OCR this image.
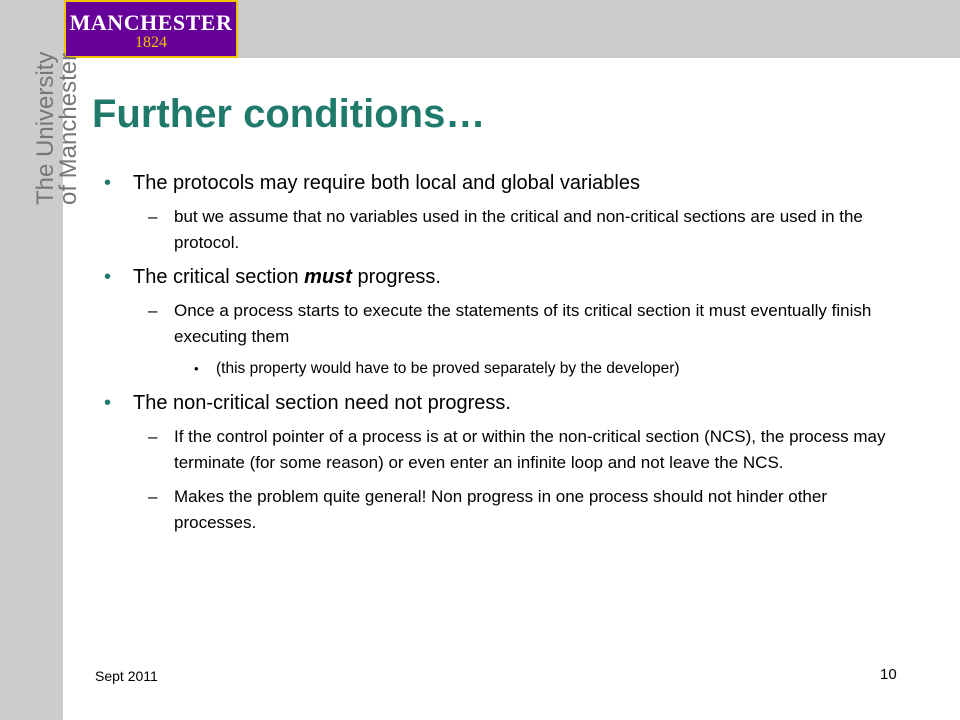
MANCHESTER
1824
The University
of Manchester Further conditions…
• The protocols may require both local and global variables
– but we assume that no variables used in the critical and non-critical sections are used in the protocol.
• The critical section must progress.
– Once a process starts to execute the statements of its critical section it must eventually finish executing them
• (this property would have to be proved separately by the developer)
• The non-critical section need not progress.
– If the control pointer of a process is at or within the non-critical section (NCS), the process may terminate (for some reason) or even enter an infinite loop and not leave the NCS.
– Makes the problem quite general! Non progress in one process should not hinder other processes.
Sept 2011	10
